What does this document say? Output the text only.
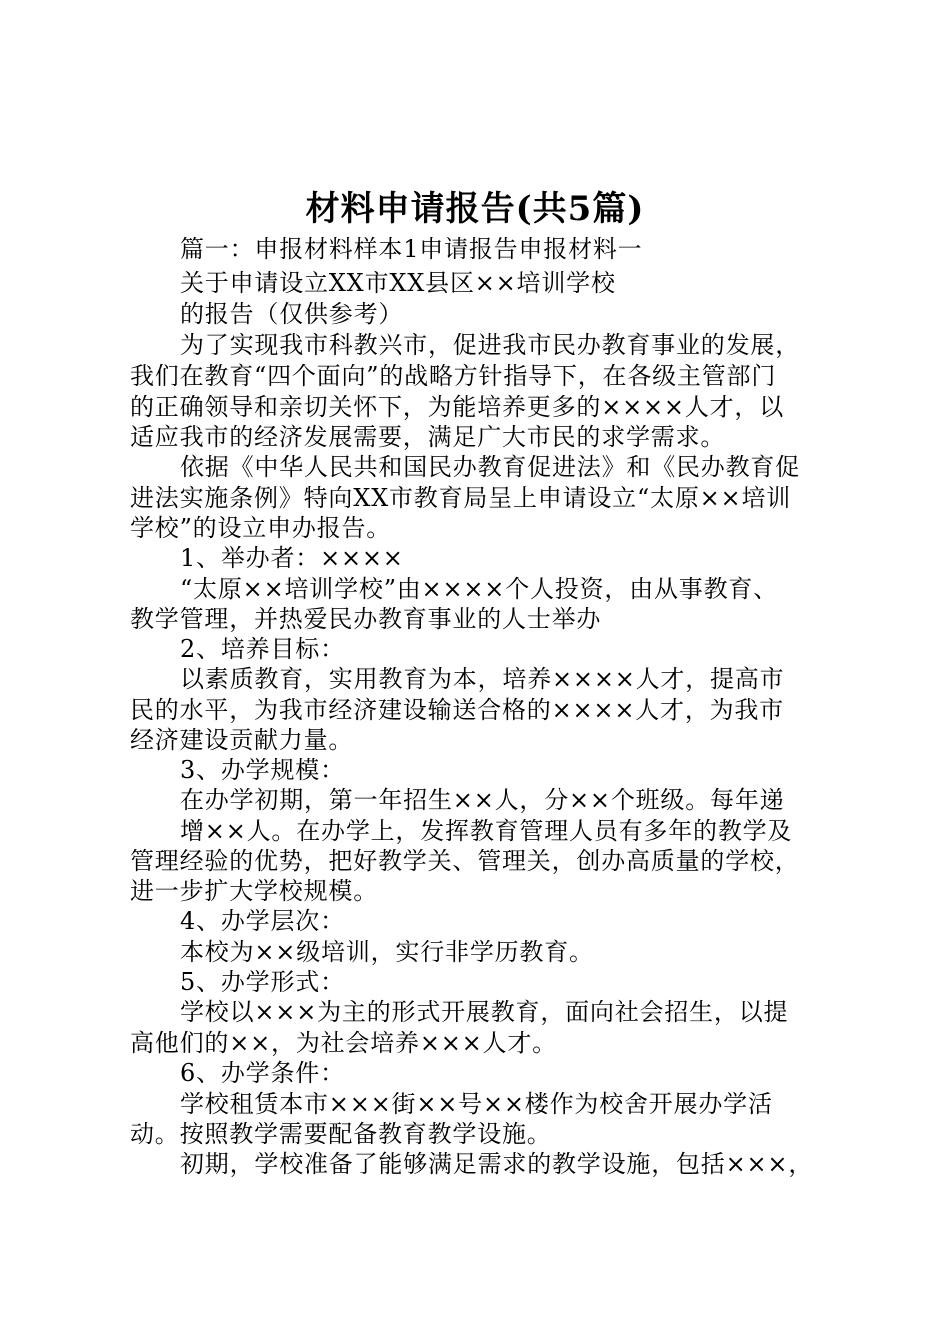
材料申请报告(共5篇)
篇一：申报材料样本1申请报告申报材料一
关于申请设立XX市XX县区××培训学校
的报告（仅供参考）
为了实现我市科教兴市，促进我市民办教育事业的发展，
我们在教育“四个面向”的战略方针指导下，在各级主管部门
的正确领导和亲切关怀下，为能培养更多的××××人才，以
适应我市的经济发展需要，满足广大市民的求学需求。
依据《中华人民共和国民办教育促进法》和《民办教育促
进法实施条例》特向XX市教育局呈上申请设立“太原××培训
学校”的设立申办报告。
1、举办者：××××
“太原××培训学校”由××××个人投资，由从事教育、
教学管理，并热爱民办教育事业的人士举办
2、培养目标：
以素质教育，实用教育为本，培养××××人才，提高市
民的水平，为我市经济建设输送合格的××××人才，为我市
经济建设贡献力量。
3、办学规模：
在办学初期，第一年招生××人，分××个班级。每年递
增××人。在办学上，发挥教育管理人员有多年的教学及
管理经验的优势，把好教学关、管理关，创办高质量的学校，
进一步扩大学校规模。
4、办学层次：
本校为××级培训，实行非学历教育。
5、办学形式：
学校以×××为主的形式开展教育，面向社会招生，以提
高他们的××，为社会培养×××人才。
6、办学条件：
学校租赁本市×××街××号××楼作为校舍开展办学活
动。按照教学需要配备教育教学设施。
初期，学校准备了能够满足需求的教学设施，包括×××，
